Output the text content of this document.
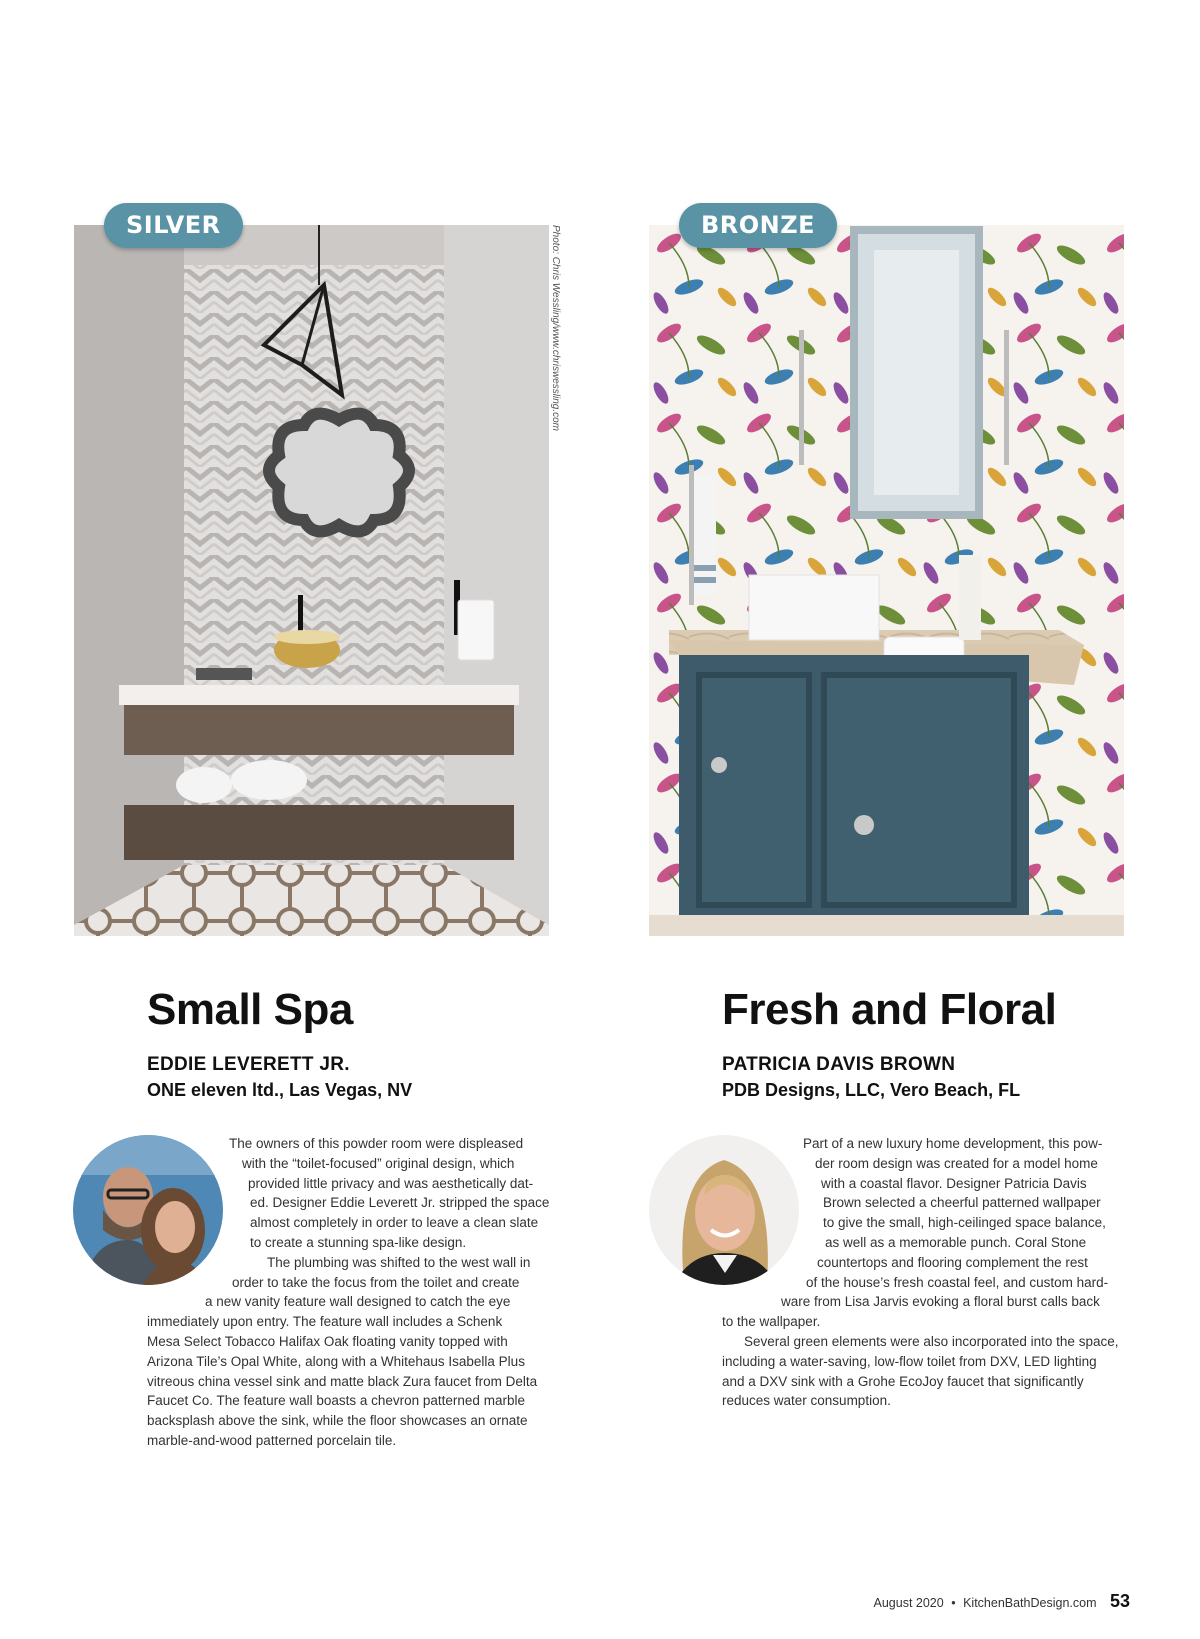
SILVER	Photo: Chris Wessling/www.chriswessling.com
Small Spa
EDDIE LEVERETT JR.
ONE eleven ltd., Las Vegas, NV

The owners of this powder room were displeased
with the “toilet-focused” original design, which
provided little privacy and was aesthetically dat-
ed. Designer Eddie Leverett Jr. stripped the space
almost completely in order to leave a clean slate
to create a stunning spa-like design.
The plumbing was shifted to the west wall in
order to take the focus from the toilet and create
a new vanity feature wall designed to catch the eye
immediately upon entry. The feature wall includes a Schenk
Mesa Select Tobacco Halifax Oak floating vanity topped with
Arizona Tile’s Opal White, along with a Whitehaus Isabella Plus
vitreous china vessel sink and matte black Zura faucet from Delta
Faucet Co. The feature wall boasts a chevron patterned marble
backsplash above the sink, while the floor showcases an ornate
marble-and-wood patterned porcelain tile.

BRONZE
Fresh and Floral
PATRICIA DAVIS BROWN
PDB Designs, LLC, Vero Beach, FL

Part of a new luxury home development, this pow-
der room design was created for a model home
with a coastal flavor. Designer Patricia Davis
Brown selected a cheerful patterned wallpaper
to give the small, high-ceilinged space balance,
as well as a memorable punch. Coral Stone
countertops and flooring complement the rest
of the house’s fresh coastal feel, and custom hard-
ware from Lisa Jarvis evoking a floral burst calls back
to the wallpaper.
Several green elements were also incorporated into the space,
including a water-saving, low-flow toilet from DXV, LED lighting
and a DXV sink with a Grohe EcoJoy faucet that significantly
reduces water consumption.

August 2020 • KitchenBathDesign.com 53
